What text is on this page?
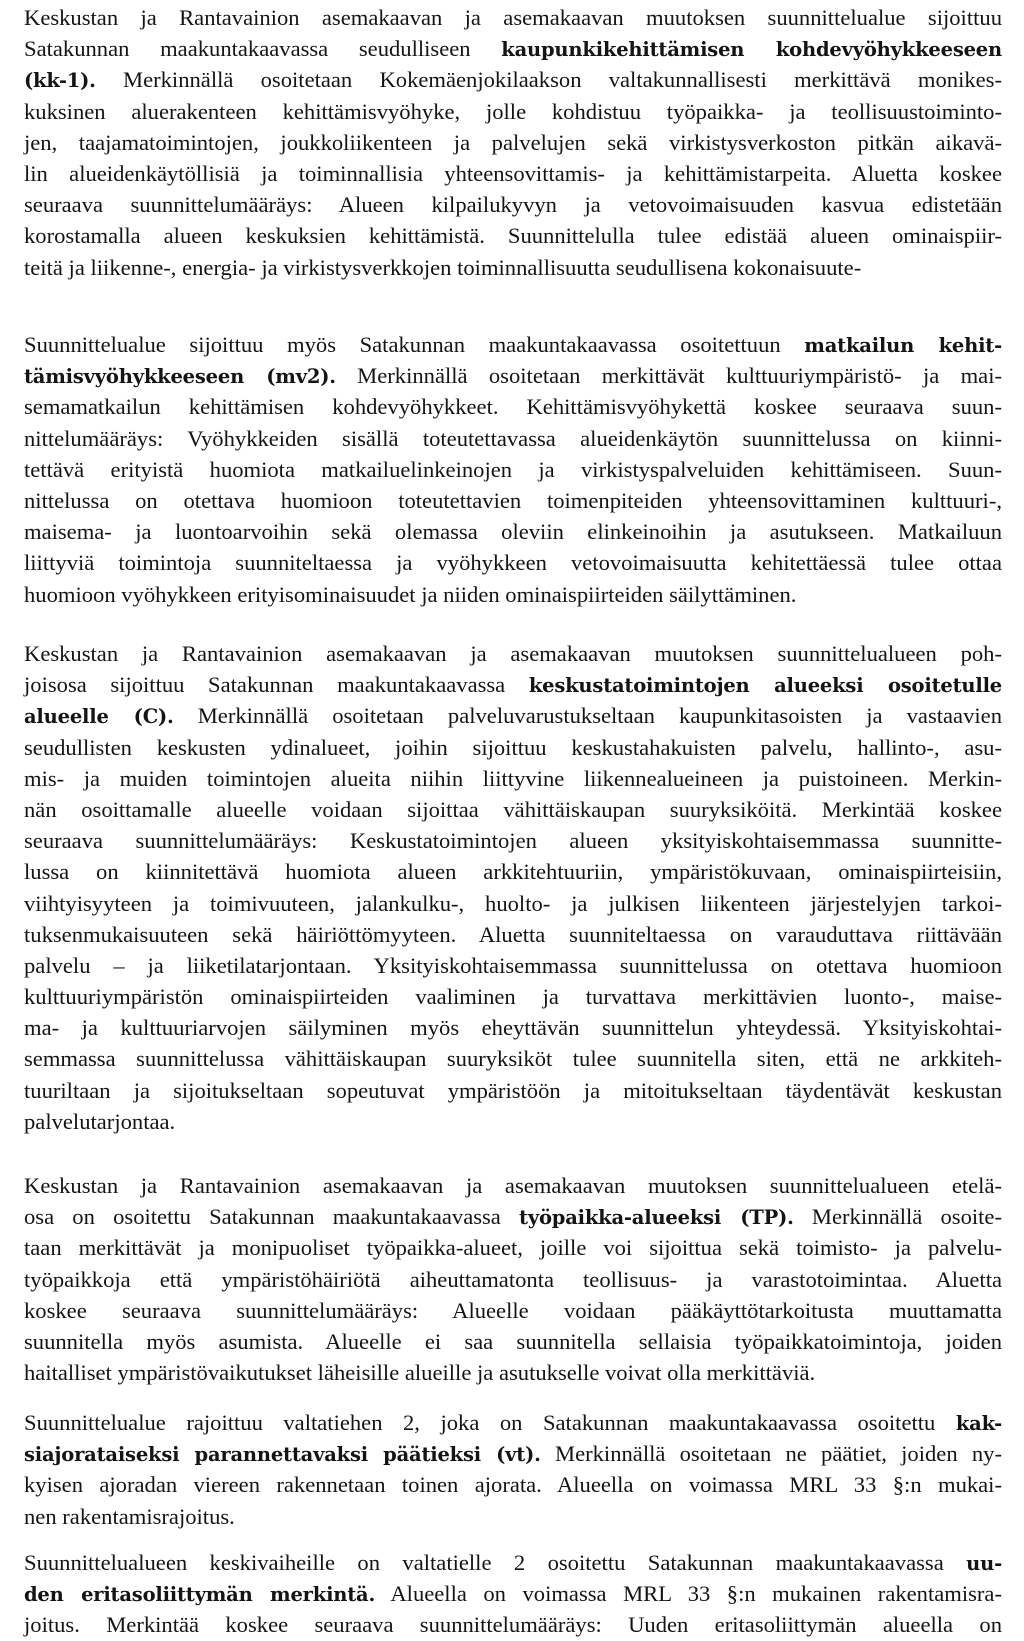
Keskustan ja Rantavainion asemakaavan ja asemakaavan muutoksen suunnittelualue sijoittuu
Satakunnan maakuntakaavassa seudulliseen kaupunkikehittämisen kohdevyöhykkeeseen
(kk-1). Merkinnällä osoitetaan Kokemäenjokilaakson valtakunnallisesti merkittävä monikes-
kuksinen aluerakenteen kehittämisvyöhyke, jolle kohdistuu työpaikka- ja teollisuustoiminto-
jen, taajamatoimintojen, joukkoliikenteen ja palvelujen sekä virkistysverkoston pitkän aikavä-
lin alueidenkäytöllisiä ja toiminnallisia yhteensovittamis- ja kehittämistarpeita. Aluetta koskee
seuraava suunnittelumääräys: Alueen kilpailukyvyn ja vetovoimaisuuden kasvua edistetään
korostamalla alueen keskuksien kehittämistä. Suunnittelulla tulee edistää alueen ominaispiir-
teitä ja liikenne-, energia- ja virkistysverkkojen toiminnallisuutta seudullisena kokonaisuute-

Suunnittelualue sijoittuu myös Satakunnan maakuntakaavassa osoitettuun matkailun kehit-
tämisvyöhykkeeseen (mv2). Merkinnällä osoitetaan merkittävät kulttuuriympäristö- ja mai-
semamatkailun kehittämisen kohdevyöhykkeet. Kehittämisvyöhykettä koskee seuraava suun-
nittelumääräys: Vyöhykkeiden sisällä toteutettavassa alueidenkäytön suunnittelussa on kiinni-
tettävä erityistä huomiota matkailuelinkeinojen ja virkistyspalveluiden kehittämiseen. Suun-
nittelussa on otettava huomioon toteutettavien toimenpiteiden yhteensovittaminen kulttuuri-,
maisema- ja luontoarvoihin sekä olemassa oleviin elinkeinoihin ja asutukseen. Matkailuun
liittyviä toimintoja suunniteltaessa ja vyöhykkeen vetovoimaisuutta kehitettäessä tulee ottaa
huomioon vyöhykkeen erityisominaisuudet ja niiden ominaispiirteiden säilyttäminen.

Keskustan ja Rantavainion asemakaavan ja asemakaavan muutoksen suunnittelualueen poh-
joisosa sijoittuu Satakunnan maakuntakaavassa keskustatoimintojen alueeksi osoitetulle
alueelle (C). Merkinnällä osoitetaan palveluvarustukseltaan kaupunkitasoisten ja vastaavien
seudullisten keskusten ydinalueet, joihin sijoittuu keskustahakuisten palvelu, hallinto-, asu-
mis- ja muiden toimintojen alueita niihin liittyvine liikennealueineen ja puistoineen. Merkin-
nän osoittamalle alueelle voidaan sijoittaa vähittäiskaupan suuryksiköitä. Merkintää koskee
seuraava suunnittelumääräys: Keskustatoimintojen alueen yksityiskohtaisemmassa suunnitte-
lussa on kiinnitettävä huomiota alueen arkkitehtuuriin, ympäristökuvaan, ominaispiirteisiin,
viihtyisyyteen ja toimivuuteen, jalankulku-, huolto- ja julkisen liikenteen järjestelyjen tarkoi-
tuksenmukaisuuteen sekä häiriöttömyyteen. Aluetta suunniteltaessa on varauduttava riittävään
palvelu – ja liiketilatarjontaan. Yksityiskohtaisemmassa suunnittelussa on otettava huomioon
kulttuuriympäristön ominaispiirteiden vaaliminen ja turvattava merkittävien luonto-, maise-
ma- ja kulttuuriarvojen säilyminen myös eheyttävän suunnittelun yhteydessä. Yksityiskohtai-
semmassa suunnittelussa vähittäiskaupan suuryksiköt tulee suunnitella siten, että ne arkkiteh-
tuuriltaan ja sijoitukseltaan sopeutuvat ympäristöön ja mitoitukseltaan täydentävät keskustan
palvelutarjontaa.

Keskustan ja Rantavainion asemakaavan ja asemakaavan muutoksen suunnittelualueen etelä-
osa on osoitettu Satakunnan maakuntakaavassa työpaikka-alueeksi (TP). Merkinnällä osoite-
taan merkittävät ja monipuoliset työpaikka-alueet, joille voi sijoittua sekä toimisto- ja palvelu-
työpaikkoja että ympäristöhäiriötä aiheuttamatonta teollisuus- ja varastotoimintaa. Aluetta
koskee seuraava suunnittelumääräys: Alueelle voidaan pääkäyttötarkoitusta muuttamatta
suunnitella myös asumista. Alueelle ei saa suunnitella sellaisia työpaikkatoimintoja, joiden
haitalliset ympäristövaikutukset läheisille alueille ja asutukselle voivat olla merkittäviä.

Suunnittelualue rajoittuu valtatiehen 2, joka on Satakunnan maakuntakaavassa osoitettu kak-
siajorataiseksi parannettavaksi päätieksi (vt). Merkinnällä osoitetaan ne päätiet, joiden ny-
kyisen ajoradan viereen rakennetaan toinen ajorata. Alueella on voimassa MRL 33 §:n mukai-
nen rakentamisrajoitus.

Suunnittelualueen keskivaiheille on valtatielle 2 osoitettu Satakunnan maakuntakaavassa uu-
den eritasoliittymän merkintä. Alueella on voimassa MRL 33 §:n mukainen rakentamisra-
joitus. Merkintää koskee seuraava suunnittelumääräys: Uuden eritasoliittymän alueella on
